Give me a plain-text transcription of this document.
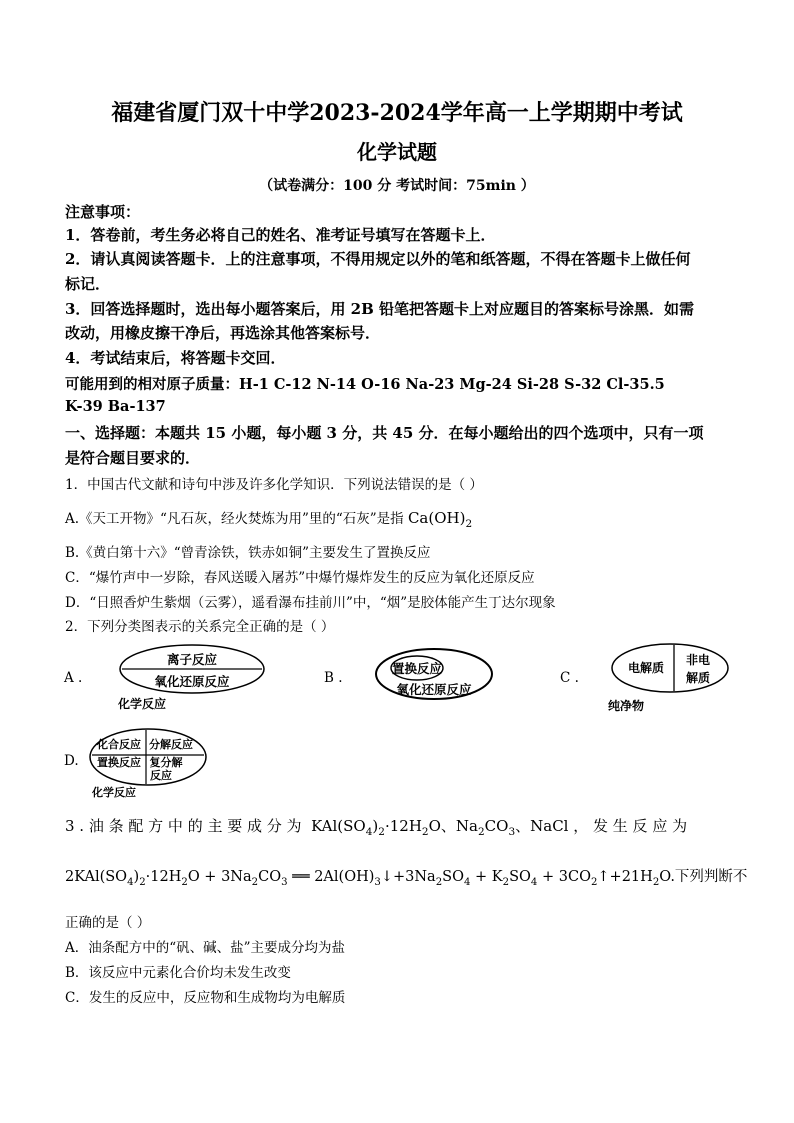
福建省厦门双十中学2023-2024学年高一上学期期中考试
化学试题
（试卷满分：100 分 考试时间：75min ）
注意事项：
1．答卷前，考生务必将自己的姓名、准考证号填写在答题卡上．
2．请认真阅读答题卡．上的注意事项，不得用规定以外的笔和纸答题，不得在答题卡上做任何
标记．
3．回答选择题时，选出每小题答案后，用 2B 铅笔把答题卡上对应题目的答案标号涂黑．如需
改动，用橡皮擦干净后，再选涂其他答案标号．
4．考试结束后，将答题卡交回．
可能用到的相对原子质量：H-1 C-12 N-14 O-16 Na-23 Mg-24 Si-28 S-32 Cl-35.5
K-39 Ba-137
一、选择题：本题共 15 小题，每小题 3 分，共 45 分．在每小题给出的四个选项中，只有一项
是符合题目要求的．
1．中国古代文献和诗句中涉及许多化学知识．下列说法错误的是（ ）
A.《天工开物》“凡石灰，经火焚炼为用”里的“石灰”是指 $Ca(OH)_2$
B.《黄白第十六》“曾青涂铁，铁赤如铜”主要发生了置换反应
C．“爆竹声中一岁除，春风送暖入屠苏”中爆竹爆炸发生的反应为氧化还原反应
D．“日照香炉生紫烟（云雾），遥看瀑布挂前川”中，“烟”是胶体能产生丁达尔现象
2．下列分类图表示的关系完全正确的是（ ）
A .
离子反应
氧化还原反应
化学反应
B .
置换反应
氧化还原反应
C .
电解质
非电
解质
纯净物
D.
化合反应 分解反应
置换反应 复分解
反应
化学反应
3 . 油 条 配 方 中 的 主 要 成 分 为 $KAl(SO_4)_2\cdot 12H_2O$、$Na_2CO_3$、NaCl ， 发 生 反 应 为
$2KAl(SO_4)_2\cdot 12H_2O + 3Na_2CO_3$ ══ $2Al(OH)_3↓+3Na_2SO_4 + K_2SO_4$ + $3CO_2↑+21H_2O$.下列判断不
正确的是（ ）
A．油条配方中的“矾、碱、盐”主要成分均为盐
B．该反应中元素化合价均未发生改变
C．发生的反应中，反应物和生成物均为电解质
